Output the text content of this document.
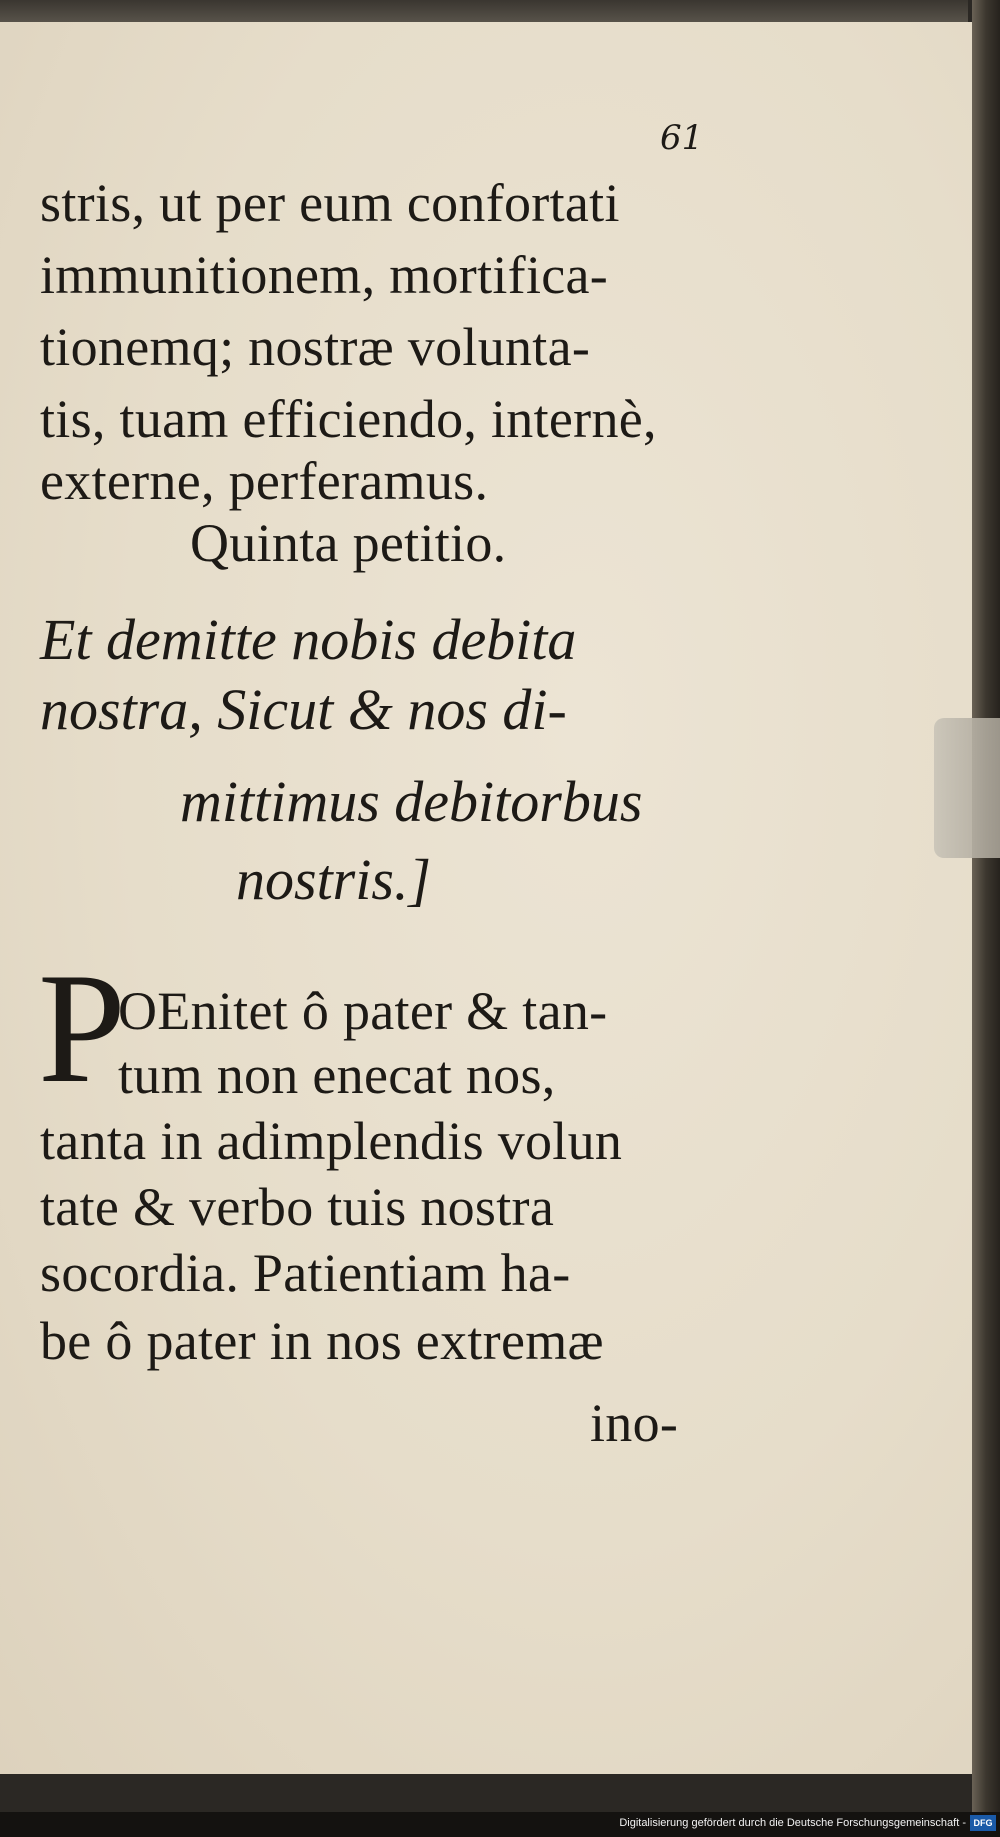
61
stris, ut per eum confortati
immunitionem, mortifica-
tionemq; nostræ volunta-
tis, tuam efficiendo, internè,
externe, perferamus.
Quinta petitio.
Et demitte nobis debita
nostra, Sicut & nos di-
mittimus debitorbus
nostris.]
P
OEnitet ô pater & tan-
tum non enecat nos,
tanta in adimplendis volun
tate & verbo tuis nostra
socordia. Patientiam ha-
be ô pater in nos extremæ
ino-
Digitalisierung gefördert durch die Deutsche Forschungsgemeinschaft - DFG
